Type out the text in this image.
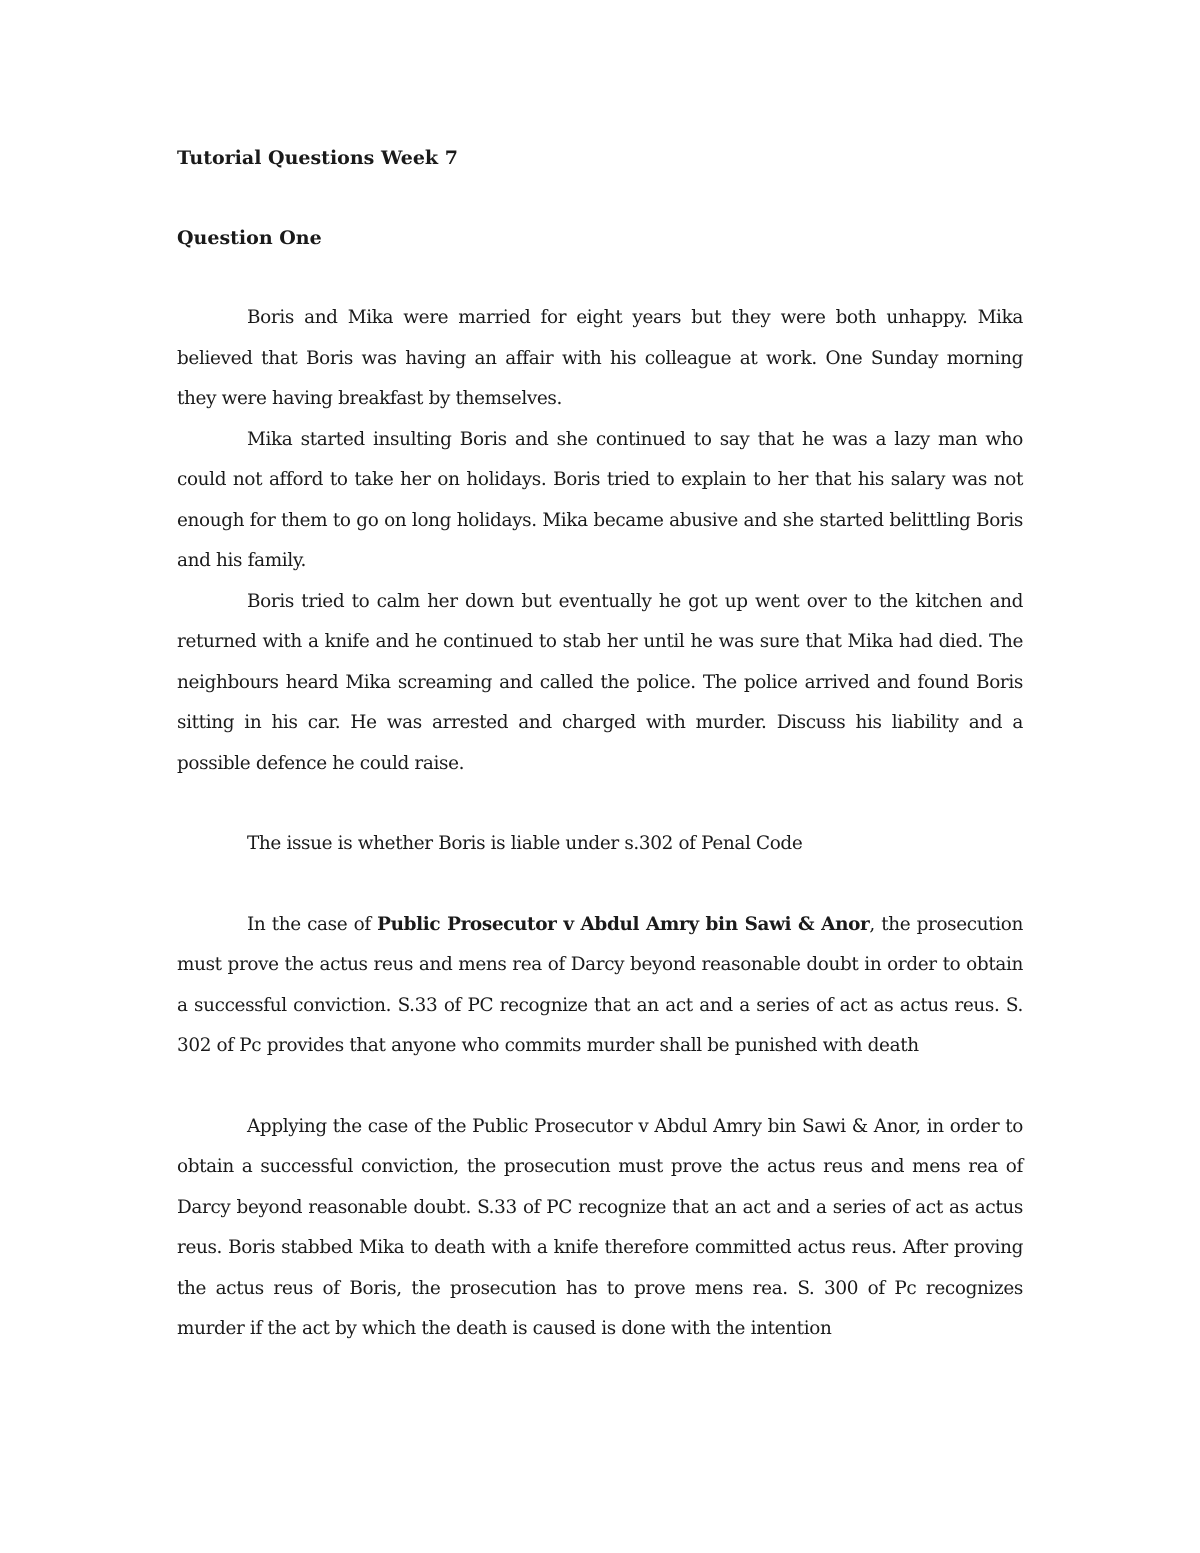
Tutorial Questions Week 7
Question One

Boris and Mika were married for eight years but they were both unhappy. Mika believed that Boris was having an affair with his colleague at work. One Sunday morning they were having breakfast by themselves.

Mika started insulting Boris and she continued to say that he was a lazy man who could not afford to take her on holidays. Boris tried to explain to her that his salary was not enough for them to go on long holidays. Mika became abusive and she started belittling Boris and his family.

Boris tried to calm her down but eventually he got up went over to the kitchen and returned with a knife and he continued to stab her until he was sure that Mika had died. The neighbours heard Mika screaming and called the police. The police arrived and found Boris sitting in his car. He was arrested and charged with murder. Discuss his liability and a possible defence he could raise.

The issue is whether Boris is liable under s.302 of Penal Code

In the case of Public Prosecutor v Abdul Amry bin Sawi & Anor, the prosecution must prove the actus reus and mens rea of Darcy beyond reasonable doubt in order to obtain a successful conviction. S.33 of PC recognize that an act and a series of act as actus reus. S. 302 of Pc provides that anyone who commits murder shall be punished with death

Applying the case of the Public Prosecutor v Abdul Amry bin Sawi & Anor, in order to obtain a successful conviction, the prosecution must prove the actus reus and mens rea of Darcy beyond reasonable doubt. S.33 of PC recognize that an act and a series of act as actus reus. Boris stabbed Mika to death with a knife therefore committed actus reus. After proving the actus reus of Boris, the prosecution has to prove mens rea. S. 300 of Pc recognizes murder if the act by which the death is caused is done with the intention
